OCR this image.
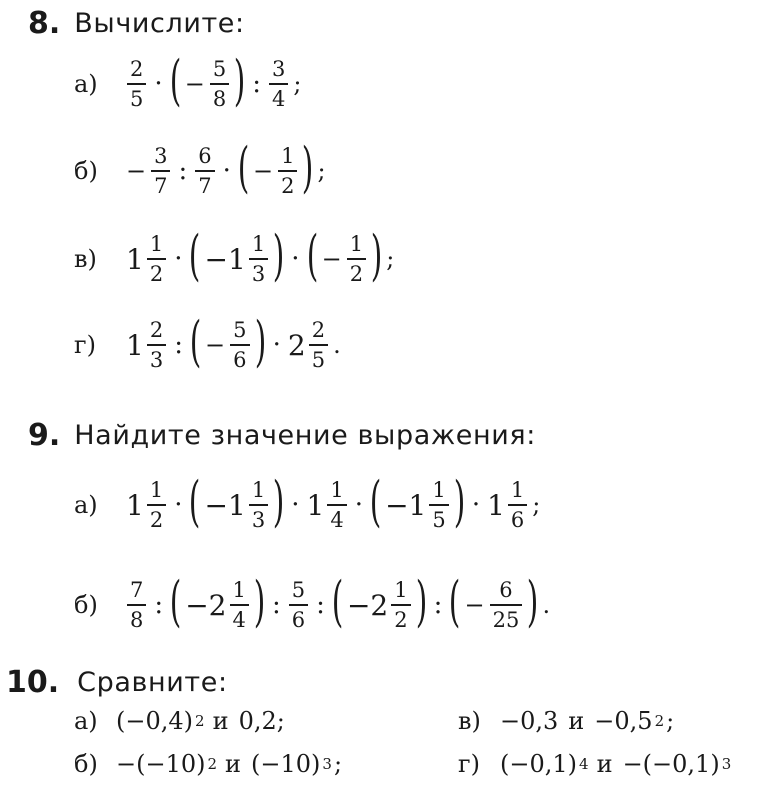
8. Вычислите:
а)	$\frac{2}{5}$ · ( − $\frac{5}{8}$ ) : $\frac{3}{4}$ ;
б)	− $\frac{3}{7}$ : $\frac{6}{7}$ · ( − $\frac{1}{2}$ ) ;
в)	$1 \frac{1}{2}$ · ( $-1 \frac{1}{3}$ ) · ( − $\frac{1}{2}$ ) ;
г)	$1 \frac{2}{3}$ : ( − $\frac{5}{6}$ ) · $2 \frac{2}{5}$ .
9. Найдите значение выражения:
а)	$1 \frac{1}{2}$ · ( $-1 \frac{1}{3}$ ) · $1 \frac{1}{4}$ · ( $-1 \frac{1}{5}$ ) · $1 \frac{1}{6}$ ;
б)	$\frac{7}{8}$ : ( $-2 \frac{1}{4}$ ) : $\frac{5}{6}$ : ( $-2 \frac{1}{2}$ ) : ( − $\frac{6}{25}$ ) .
10. Сравните:
а) (−0,4) 2 и 0,2;
б) −(−10) 2 и (−10) 3 ;
в) −0,3 и −0,5 2 ;
г) (−0,1) 4 и −(−0,1) 3
